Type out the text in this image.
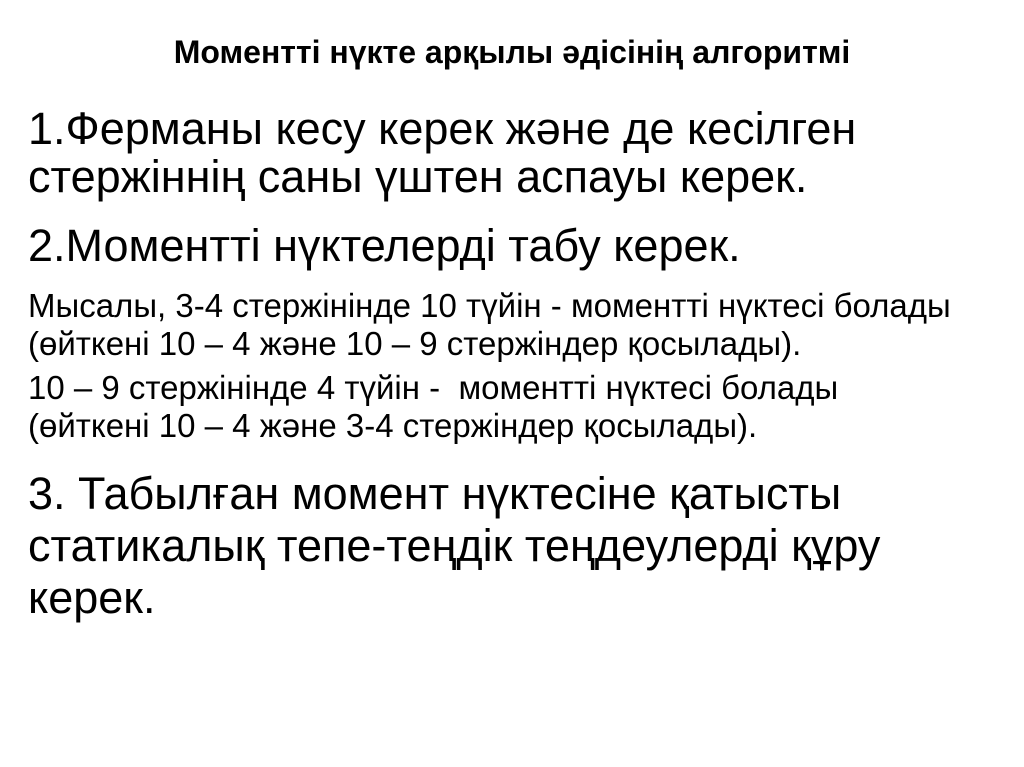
Моментті нүкте арқылы әдісінің алгоритмі

1.Ферманы кесу керек және де кесілген стержіннің саны үштен аспауы керек.

2.Моментті нүктелерді табу керек.

Мысалы, 3-4 стержінінде 10 түйін - моментті нүктесі болады (өйткені 10 – 4 және 10 – 9 стержіндер қосылады).

10 – 9 стержінінде 4 түйін -  моментті нүктесі болады (өйткені 10 – 4 және 3-4 стержіндер қосылады).

3. Табылған момент нүктесіне қатысты статикалық тепе-теңдік теңдеулерді құру керек.
